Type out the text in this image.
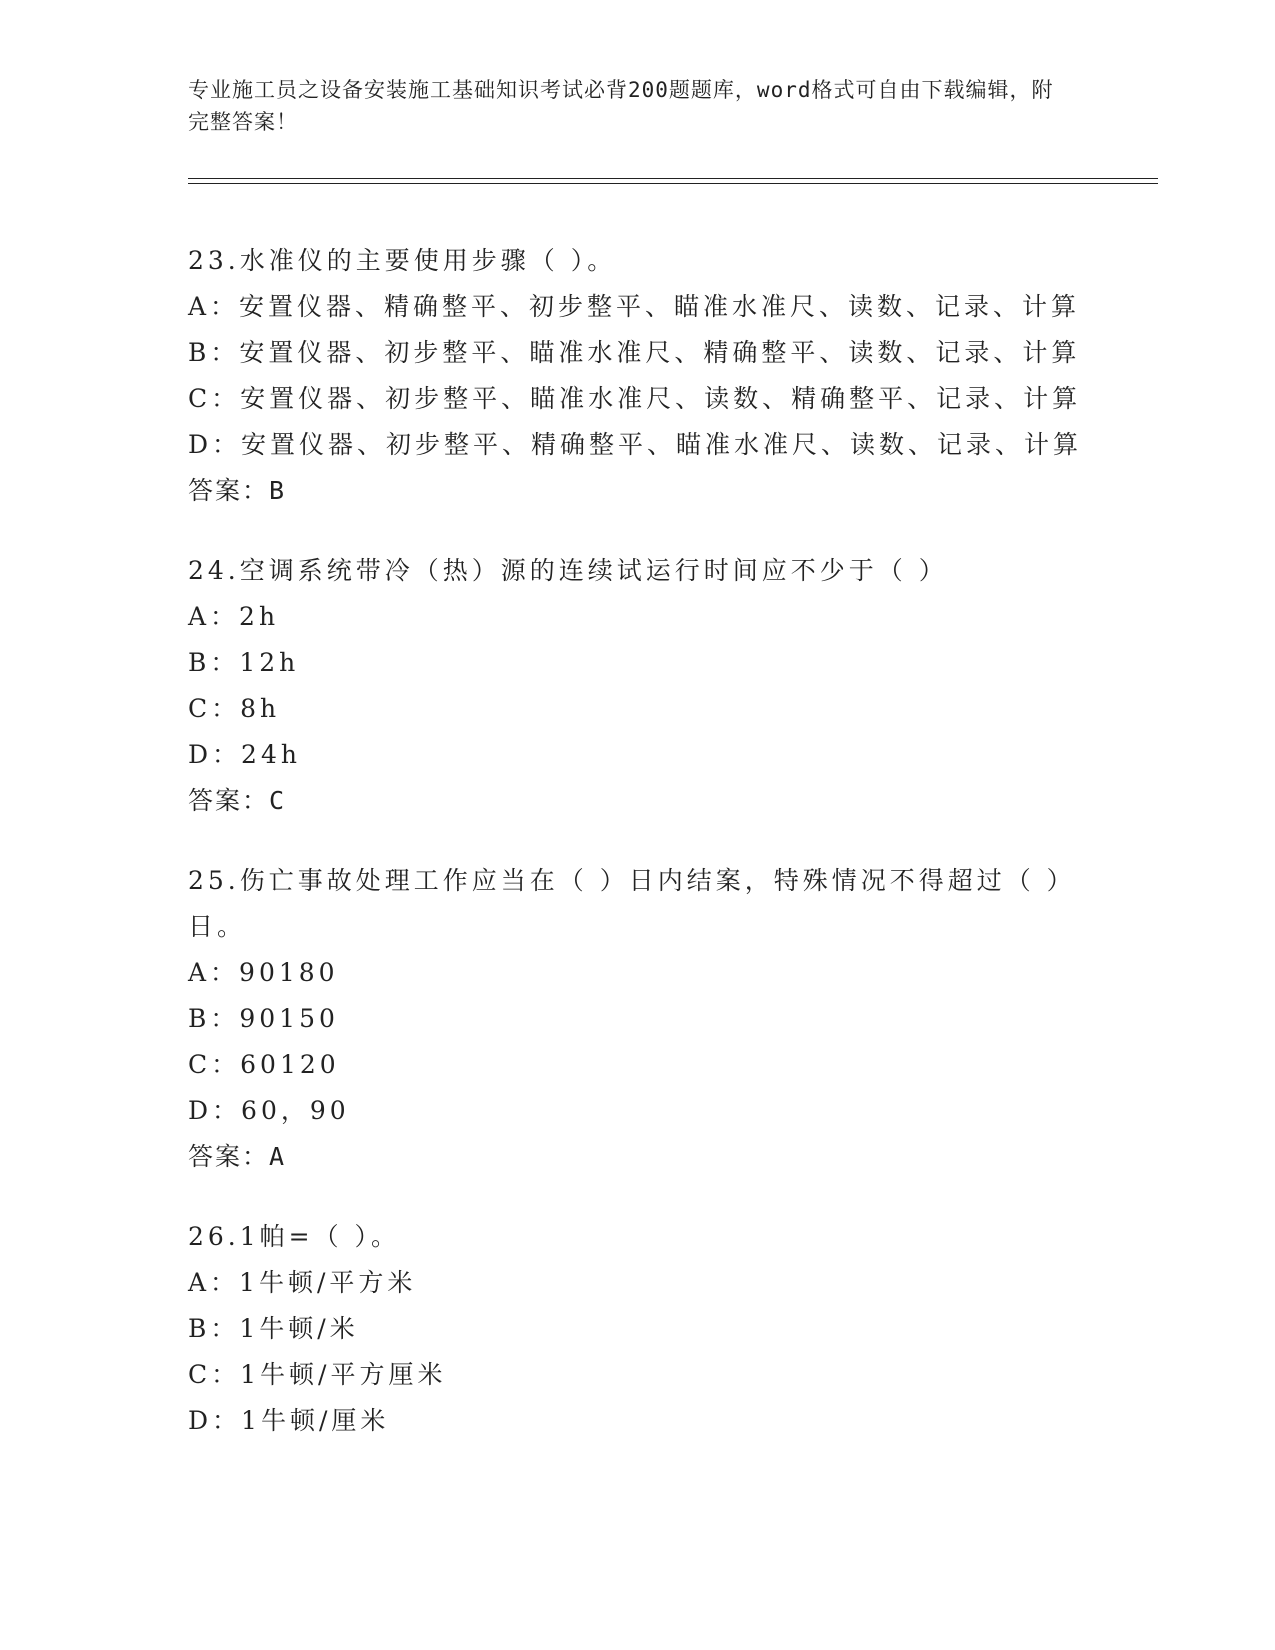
专业施工员之设备安装施工基础知识考试必背200题题库，word格式可自由下载编辑，附完整答案！
23.水准仪的主要使用步骤（ ）。
A：安置仪器、精确整平、初步整平、瞄准水准尺、读数、记录、计算
B：安置仪器、初步整平、瞄准水准尺、精确整平、读数、记录、计算
C：安置仪器、初步整平、瞄准水准尺、读数、精确整平、记录、计算
D：安置仪器、初步整平、精确整平、瞄准水准尺、读数、记录、计算
答案：B
24.空调系统带冷（热）源的连续试运行时间应不少于（ ）
A：2h
B：12h
C：8h
D：24h
答案：C
25.伤亡事故处理工作应当在（ ）日内结案，特殊情况不得超过（ ）日。
A：90180
B：90150
C：60120
D：60，90
答案：A
26.1帕=（ ）。
A：1牛顿/平方米
B：1牛顿/米
C：1牛顿/平方厘米
D：1牛顿/厘米
